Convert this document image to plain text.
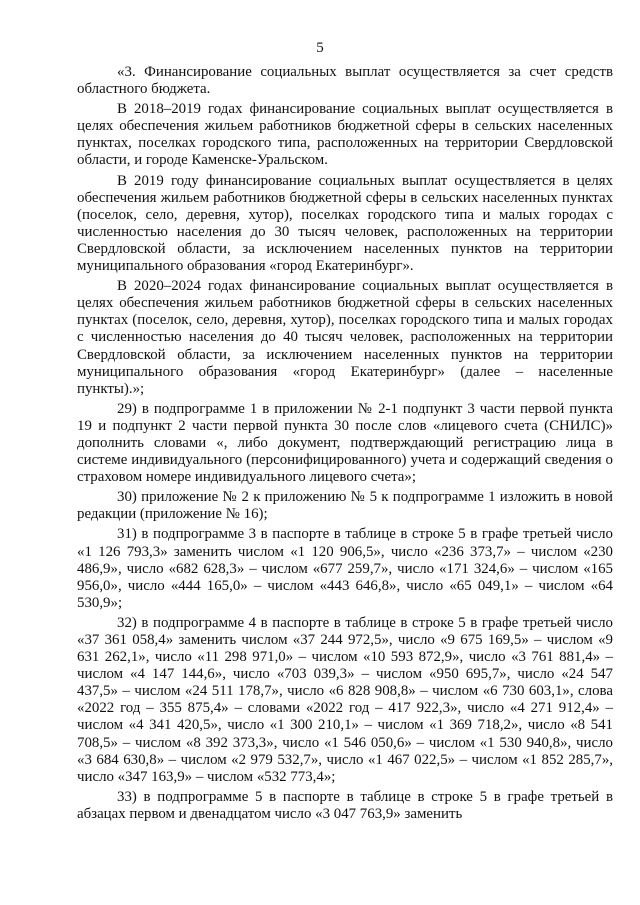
5

«3. Финансирование социальных выплат осуществляется за счет средств областного бюджета.

В 2018–2019 годах финансирование социальных выплат осуществляется в целях обеспечения жильем работников бюджетной сферы в сельских населенных пунктах, поселках городского типа, расположенных на территории Свердловской области, и городе Каменске-Уральском.

В 2019 году финансирование социальных выплат осуществляется в целях обеспечения жильем работников бюджетной сферы в сельских населенных пунктах (поселок, село, деревня, хутор), поселках городского типа и малых городах с численностью населения до 30 тысяч человек, расположенных на территории Свердловской области, за исключением населенных пунктов на территории муниципального образования «город Екатеринбург».

В 2020–2024 годах финансирование социальных выплат осуществляется в целях обеспечения жильем работников бюджетной сферы в сельских населенных пунктах (поселок, село, деревня, хутор), поселках городского типа и малых городах с численностью населения до 40 тысяч человек, расположенных на территории Свердловской области, за исключением населенных пунктов на территории муниципального образования «город Екатеринбург» (далее – населенные пункты).»;

29) в подпрограмме 1 в приложении № 2-1 подпункт 3 части первой пункта 19 и подпункт 2 части первой пункта 30 после слов «лицевого счета (СНИЛС)» дополнить словами «, либо документ, подтверждающий регистрацию лица в системе индивидуального (персонифицированного) учета и содержащий сведения о страховом номере индивидуального лицевого счета»;

30) приложение № 2 к приложению № 5 к подпрограмме 1 изложить в новой редакции (приложение № 16);

31) в подпрограмме 3 в паспорте в таблице в строке 5 в графе третьей число «1 126 793,3» заменить числом «1 120 906,5», число «236 373,7» – числом «230 486,9», число «682 628,3» – числом «677 259,7», число «171 324,6» – числом «165 956,0», число «444 165,0» – числом «443 646,8», число «65 049,1» – числом «64 530,9»;

32) в подпрограмме 4 в паспорте в таблице в строке 5 в графе третьей число «37 361 058,4» заменить числом «37 244 972,5», число «9 675 169,5» – числом «9 631 262,1», число «11 298 971,0» – числом «10 593 872,9», число «3 761 881,4» – числом «4 147 144,6», число «703 039,3» – числом «950 695,7», число «24 547 437,5» – числом «24 511 178,7», число «6 828 908,8» – числом «6 730 603,1», слова «2022 год – 355 875,4» – словами «2022 год – 417 922,3», число «4 271 912,4» – числом «4 341 420,5», число «1 300 210,1» – числом «1 369 718,2», число «8 541 708,5» – числом «8 392 373,3», число «1 546 050,6» – числом «1 530 940,8», число «3 684 630,8» – числом «2 979 532,7», число «1 467 022,5» – числом «1 852 285,7», число «347 163,9» – числом «532 773,4»;

33) в подпрограмме 5 в паспорте в таблице в строке 5 в графе третьей в абзацах первом и двенадцатом число «3 047 763,9» заменить
